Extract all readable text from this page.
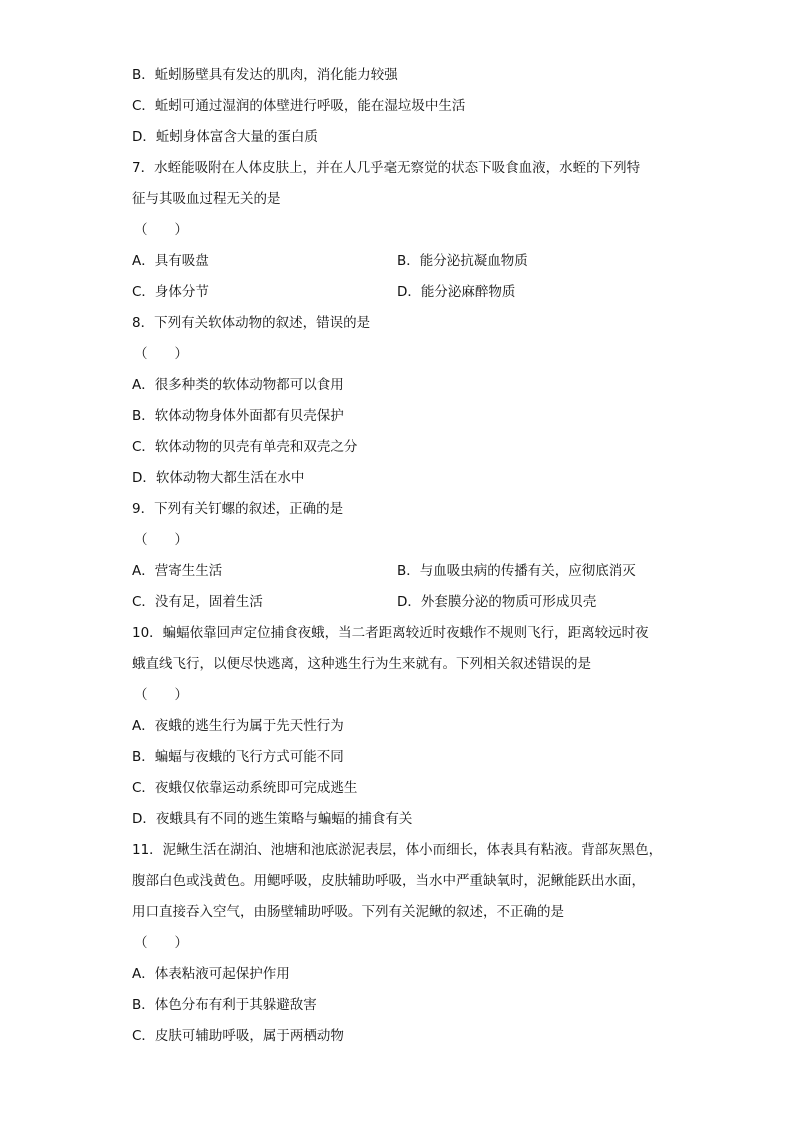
B．蚯蚓肠壁具有发达的肌肉，消化能力较强
C．蚯蚓可通过湿润的体壁进行呼吸，能在湿垃圾中生活
D．蚯蚓身体富含大量的蛋白质
7．水蛭能吸附在人体皮肤上，并在人几乎毫无察觉的状态下吸食血液，水蛭的下列特
征与其吸血过程无关的是
（　　）
A．具有吸盘	B．能分泌抗凝血物质
C．身体分节	D．能分泌麻醉物质
8．下列有关软体动物的叙述，错误的是
（　　）
A．很多种类的软体动物都可以食用
B．软体动物身体外面都有贝壳保护
C．软体动物的贝壳有单壳和双壳之分
D．软体动物大都生活在水中
9．下列有关钉螺的叙述，正确的是
（　　）
A．营寄生生活	B．与血吸虫病的传播有关，应彻底消灭
C．没有足，固着生活	D．外套膜分泌的物质可形成贝壳
10．蝙蝠依靠回声定位捕食夜蛾，当二者距离较近时夜蛾作不规则飞行，距离较远时夜
蛾直线飞行，以便尽快逃离，这种逃生行为生来就有。下列相关叙述错误的是
（　　）
A．夜蛾的逃生行为属于先天性行为
B．蝙蝠与夜蛾的飞行方式可能不同
C．夜蛾仅依靠运动系统即可完成逃生
D．夜蛾具有不同的逃生策略与蝙蝠的捕食有关
11．泥鳅生活在湖泊、池塘和池底淤泥表层，体小而细长，体表具有粘液。背部灰黑色，
腹部白色或浅黄色。用鳃呼吸，皮肤辅助呼吸，当水中严重缺氧时，泥鳅能跃出水面，
用口直接吞入空气，由肠壁辅助呼吸。下列有关泥鳅的叙述，不正确的是
（　　）
A．体表粘液可起保护作用
B．体色分布有利于其躲避敌害
C．皮肤可辅助呼吸，属于两栖动物
